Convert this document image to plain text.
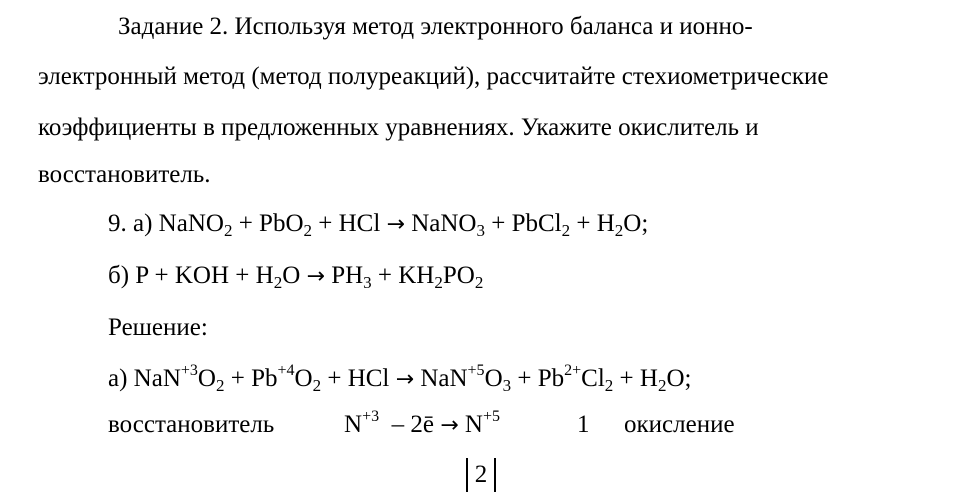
Задание 2. Используя метод электронного баланса и ионно-
электронный метод (метод полуреакций), рассчитайте стехиометрические
коэффициенты в предложенных уравнениях. Укажите окислитель и
восстановитель.
9. а) NaNO$_2$ + PbO$_2$ + HCl → NaNO$_3$ + PbCl$_2$ + $H_2O$;
б) P + KOH + $H_2O \to PH_3 + KH_2PO_2$
Решение:
а) $NaN^{+3}O_2 + Pb^{+4}O_2$ + HCl → $NaN^{+5}O_3 + Pb^{2+}Cl_2 + H_2O$;
восстановитель	$N^{+3}$ – 2ē → $N^{+5}$	1 окисление
2
